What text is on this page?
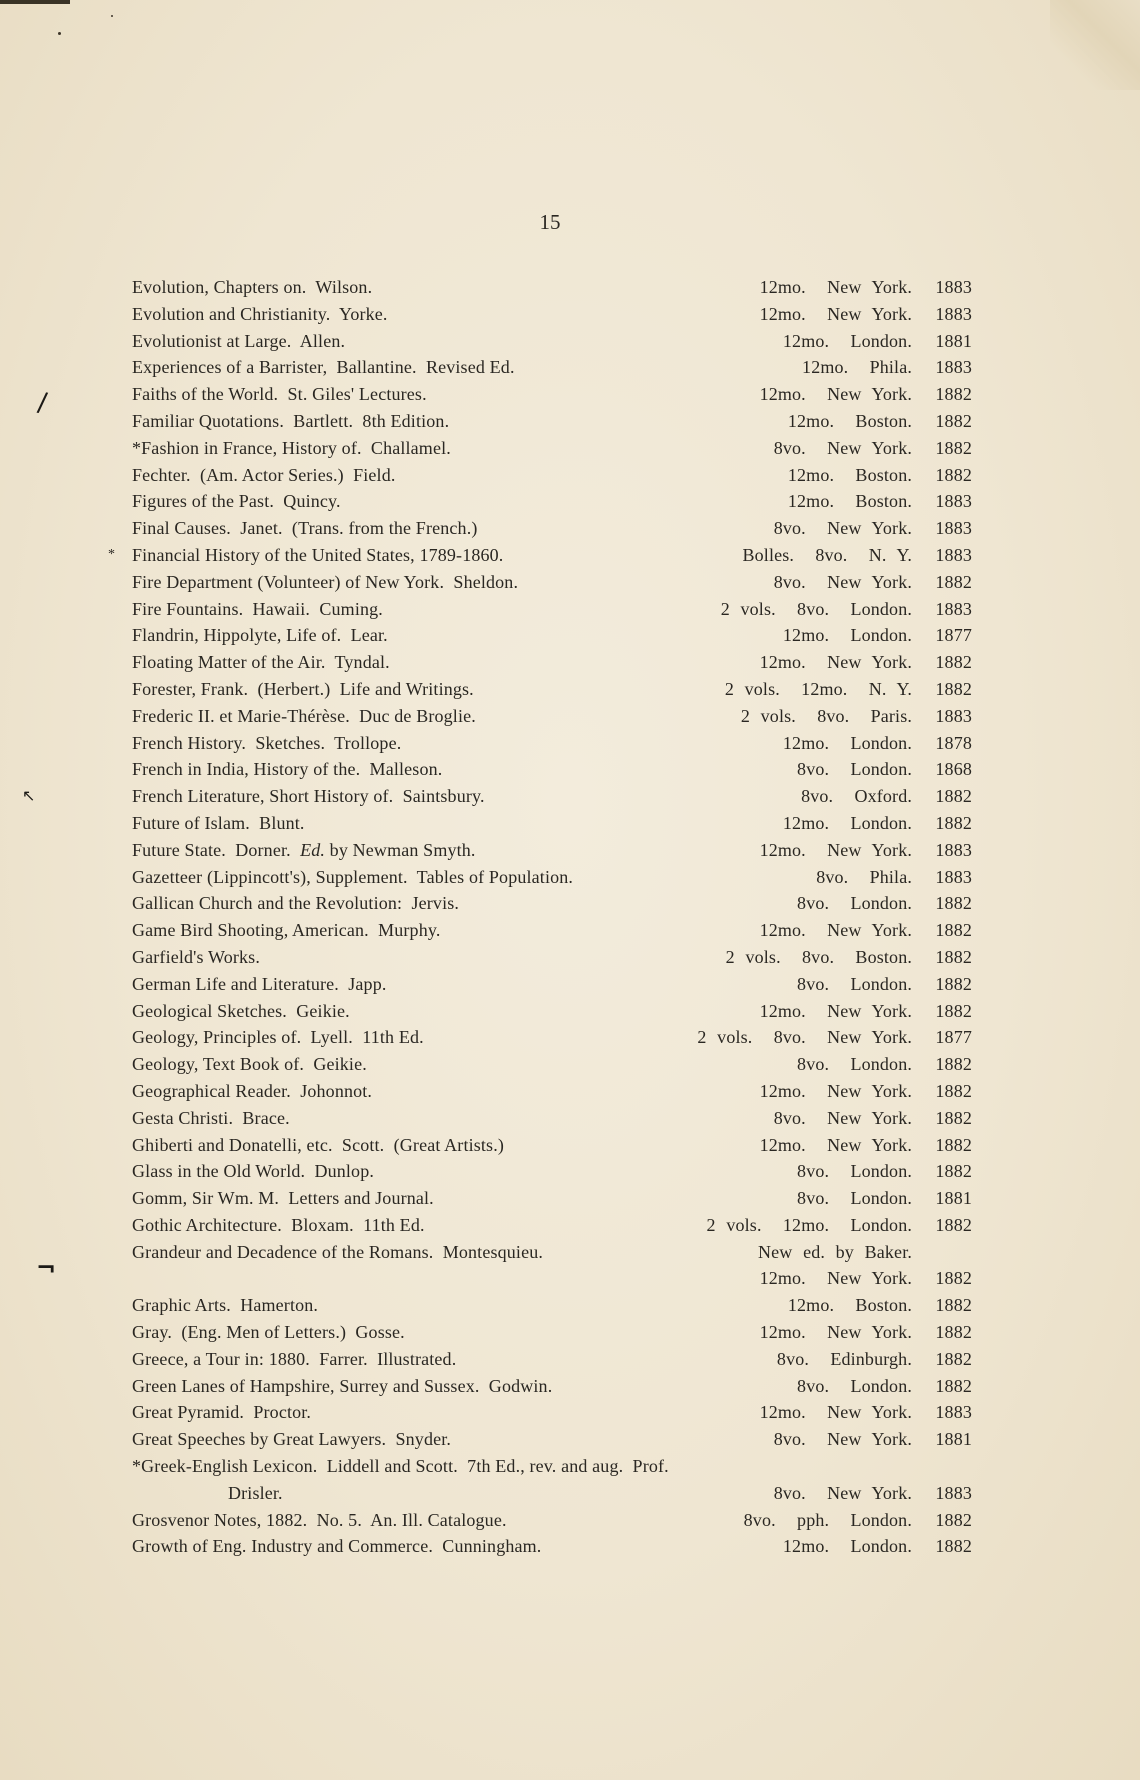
/
↖
¬
15
Evolution, Chapters on.  Wilson.	12mo.  New York.	1883
Evolution and Christianity.  Yorke.	12mo.  New York.	1883
Evolutionist at Large.  Allen.	12mo.  London.	1881
Experiences of a Barrister,  Ballantine.  Revised Ed.	12mo.  Phila.	1883
Faiths of the World.  St. Giles' Lectures.	12mo.  New York.	1882
Familiar Quotations.  Bartlett.  8th Edition.	12mo.  Boston.	1882
*Fashion in France, History of.  Challamel.	8vo.  New York.	1882
Fechter.  (Am. Actor Series.)  Field.	12mo.  Boston.	1882
Figures of the Past.  Quincy.	12mo.  Boston.	1883
Final Causes.  Janet.  (Trans. from the French.)	8vo.  New York.	1883
* Financial History of the United States, 1789-1860.	Bolles.  8vo.  N. Y.	1883
Fire Department (Volunteer) of New York.  Sheldon.	8vo.  New York.	1882
Fire Fountains.  Hawaii.  Cuming.	2 vols.  8vo.  London.	1883
Flandrin, Hippolyte, Life of.  Lear.	12mo.  London.	1877
Floating Matter of the Air.  Tyndal.	12mo.  New York.	1882
Forester, Frank.  (Herbert.)  Life and Writings.	2 vols.  12mo.  N. Y.	1882
Frederic II. et Marie-Thérèse.  Duc de Broglie.	2 vols.  8vo.  Paris.	1883
French History.  Sketches.  Trollope.	12mo.  London.	1878
French in India, History of the.  Malleson.	8vo.  London.	1868
French Literature, Short History of.  Saintsbury.	8vo.  Oxford.	1882
Future of Islam.  Blunt.	12mo.  London.	1882
Future State.  Dorner.  Ed. by Newman Smyth.	12mo.  New York.	1883
Gazetteer (Lippincott's), Supplement.  Tables of Population.	8vo.  Phila.	1883
Gallican Church and the Revolution:  Jervis.	8vo.  London.	1882
Game Bird Shooting, American.  Murphy.	12mo.  New York.	1882
Garfield's Works.	2 vols.  8vo.  Boston.	1882
German Life and Literature.  Japp.	8vo.  London.	1882
Geological Sketches.  Geikie.	12mo.  New York.	1882
Geology, Principles of.  Lyell.  11th Ed.	2 vols.  8vo.  New York.	1877
Geology, Text Book of.  Geikie.	8vo.  London.	1882
Geographical Reader.  Johonnot.	12mo.  New York.	1882
Gesta Christi.  Brace.	8vo.  New York.	1882
Ghiberti and Donatelli, etc.  Scott.  (Great Artists.)	12mo.  New York.	1882
Glass in the Old World.  Dunlop.	8vo.  London.	1882
Gomm, Sir Wm. M.  Letters and Journal.	8vo.  London.	1881
Gothic Architecture.  Bloxam.  11th Ed.	2 vols.  12mo.  London.	1882
Grandeur and Decadence of the Romans.  Montesquieu.	New ed. by Baker.
12mo.  New York.	1882
Graphic Arts.  Hamerton.	12mo.  Boston.	1882
Gray.  (Eng. Men of Letters.)  Gosse.	12mo.  New York.	1882
Greece, a Tour in: 1880.  Farrer.  Illustrated.	8vo.  Edinburgh.	1882
Green Lanes of Hampshire, Surrey and Sussex.  Godwin.	8vo.  London.	1882
Great Pyramid.  Proctor.	12mo.  New York.	1883
Great Speeches by Great Lawyers.  Snyder.	8vo.  New York.	1881
*Greek-English Lexicon.  Liddell and Scott.  7th Ed., rev. and aug.  Prof.
Drisler.	8vo.  New York.	1883
Grosvenor Notes, 1882.  No. 5.  An. Ill. Catalogue.	8vo.  pph.  London.	1882
Growth of Eng. Industry and Commerce.  Cunningham.	12mo.  London.	1882
